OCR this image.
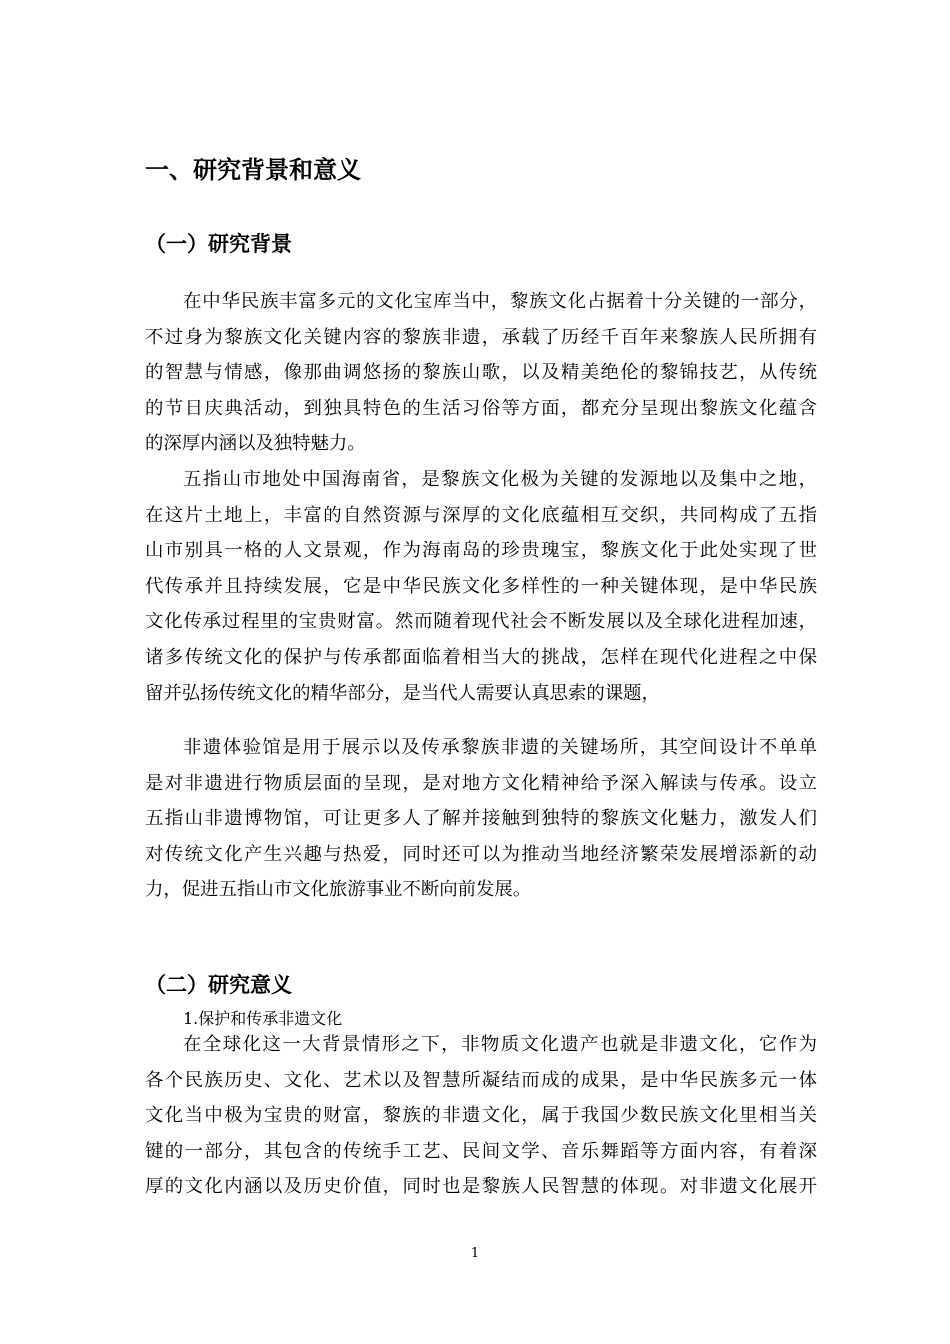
一、研究背景和意义
（一）研究背景
在中华民族丰富多元的文化宝库当中，黎族文化占据着十分关键的一部分，
不过身为黎族文化关键内容的黎族非遗，承载了历经千百年来黎族人民所拥有
的智慧与情感，像那曲调悠扬的黎族山歌，以及精美绝伦的黎锦技艺，从传统
的节日庆典活动，到独具特色的生活习俗等方面，都充分呈现出黎族文化蕴含
的深厚内涵以及独特魅力。
五指山市地处中国海南省，是黎族文化极为关键的发源地以及集中之地，
在这片土地上，丰富的自然资源与深厚的文化底蕴相互交织，共同构成了五指
山市别具一格的人文景观，作为海南岛的珍贵瑰宝，黎族文化于此处实现了世
代传承并且持续发展，它是中华民族文化多样性的一种关键体现，是中华民族
文化传承过程里的宝贵财富。然而随着现代社会不断发展以及全球化进程加速，
诸多传统文化的保护与传承都面临着相当大的挑战，怎样在现代化进程之中保
留并弘扬传统文化的精华部分，是当代人需要认真思索的课题，
非遗体验馆是用于展示以及传承黎族非遗的关键场所，其空间设计不单单
是对非遗进行物质层面的呈现，是对地方文化精神给予深入解读与传承。设立
五指山非遗博物馆，可让更多人了解并接触到独特的黎族文化魅力，激发人们
对传统文化产生兴趣与热爱，同时还可以为推动当地经济繁荣发展增添新的动
力，促进五指山市文化旅游事业不断向前发展。
（二）研究意义
1.保护和传承非遗文化
在全球化这一大背景情形之下，非物质文化遗产也就是非遗文化，它作为
各个民族历史、文化、艺术以及智慧所凝结而成的成果，是中华民族多元一体
文化当中极为宝贵的财富，黎族的非遗文化，属于我国少数民族文化里相当关
键的一部分，其包含的传统手工艺、民间文学、音乐舞蹈等方面内容，有着深
厚的文化内涵以及历史价值，同时也是黎族人民智慧的体现。对非遗文化展开
1
